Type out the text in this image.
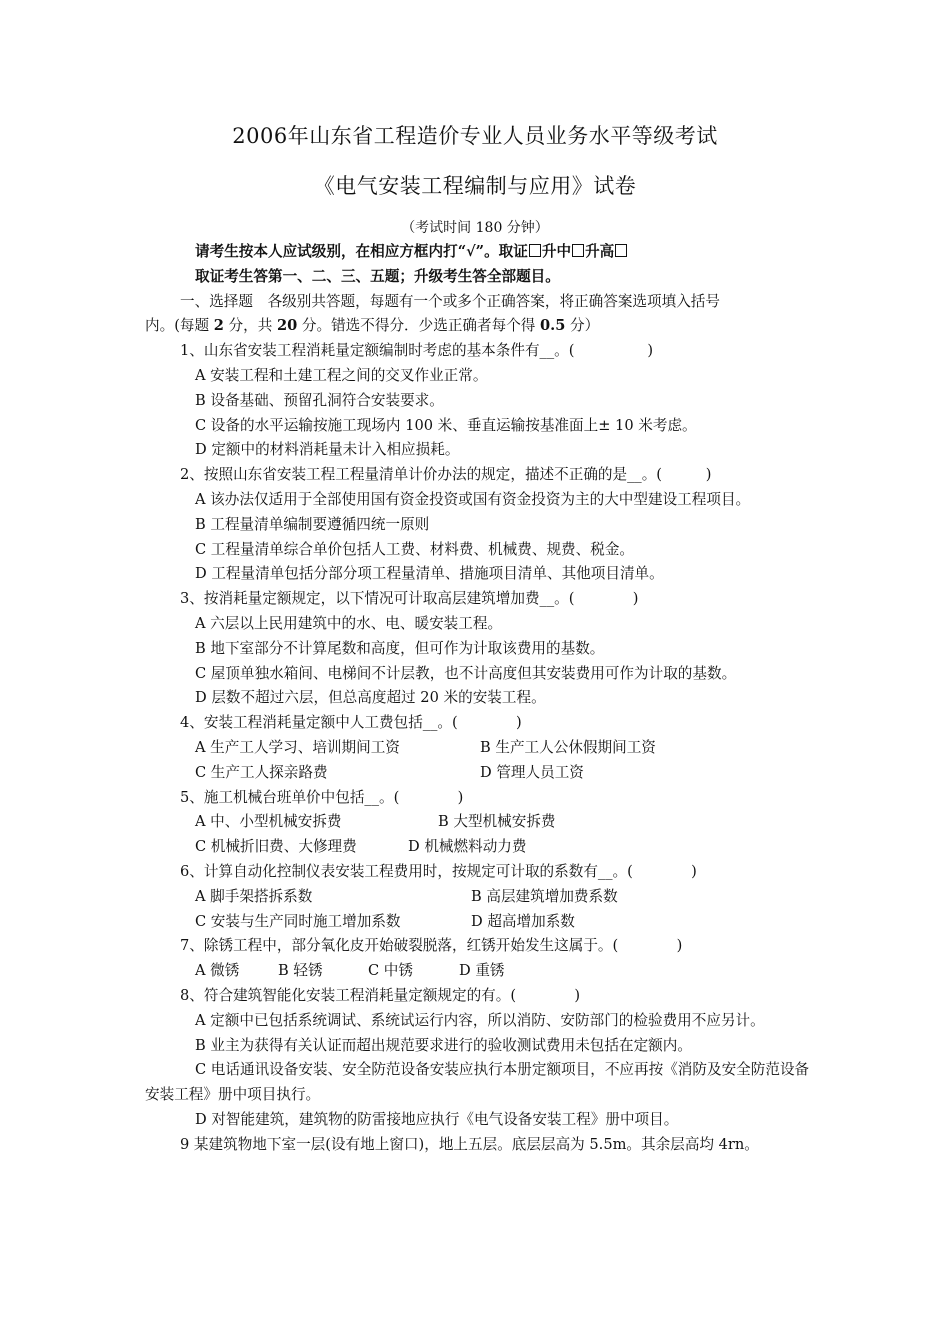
2006年山东省工程造价专业人员业务水平等级考试
《电气安装工程编制与应用》试卷
（考试时间 180 分钟）
请考生按本人应试级别，在相应方框内打“√”。取证 升中 升高
取证考生答第一、二、三、五题；升级考生答全部题目。
一、选择题　各级别共答题，每题有一个或多个正确答案，将正确答案选项填入括号
内。(每题 2 分，共 20 分。错选不得分．少选正确者每个得 0.5 分）
1、山东省安装工程消耗量定额编制时考虑的基本条件有__。(　　　　　)
A 安装工程和土建工程之间的交叉作业正常。
B 设备基础、预留孔洞符合安装要求。
C 设备的水平运输按施工现场内 100 米、垂直运输按基准面上± 10 米考虑。
D 定额中的材料消耗量未计入相应损耗。
2、按照山东省安装工程工程量清单计价办法的规定，描述不正确的是__。(　　　)
A 该办法仅适用于全部使用国有资金投资或国有资金投资为主的大中型建设工程项目。
B 工程量清单编制要遵循四统一原则
C 工程量清单综合单价包括人工费、材料费、机械费、规费、税金。
D 工程量清单包括分部分项工程量清单、措施项目清单、其他项目清单。
3、按消耗量定额规定，以下情况可计取高层建筑增加费__。(　　　　)
A 六层以上民用建筑中的水、电、暖安装工程。
B 地下室部分不计算尾数和高度，但可作为计取该费用的基数。
C 屋顶单独水箱间、电梯间不计层教，也不计高度但其安装费用可作为计取的基数。
D 层数不超过六层，但总高度超过 20 米的安装工程。
4、安装工程消耗量定额中人工费包括__。(　　　　)
A 生产工人学习、培训期间工资	B 生产工人公休假期间工资
C 生产工人探亲路费	D 管理人员工资
5、施工机械台班单价中包括__。(　　　　)
A 中、小型机械安拆费	B 大型机械安拆费
C 机械折旧费、大修理费	D 机械燃料动力费
6、计算自动化控制仪表安装工程费用时，按规定可计取的系数有__。(　　　　)
A 脚手架搭拆系数	B 高层建筑增加费系数
C 安装与生产同时施工增加系数	D 超高增加系数
7、除锈工程中，部分氧化皮开始破裂脱落，红锈开始发生这属于。(　　　　)
A 微锈	B 轻锈	C 中锈	D 重锈
8、符合建筑智能化安装工程消耗量定额规定的有。(　　　　)
A 定额中已包括系统调试、系统试运行内容，所以消防、安防部门的检验费用不应另计。
B 业主为获得有关认证而超出规范要求进行的验收测试费用未包括在定额内。
C 电话通讯设备安装、安全防范设备安装应执行本册定额项目，不应再按《消防及安全防范设备安装工程》册中项目执行。
D 对智能建筑，建筑物的防雷接地应执行《电气设备安装工程》册中项目。
9 某建筑物地下室一层(设有地上窗口)，地上五层。底层层高为 5.5m。其余层高均 4rn。
